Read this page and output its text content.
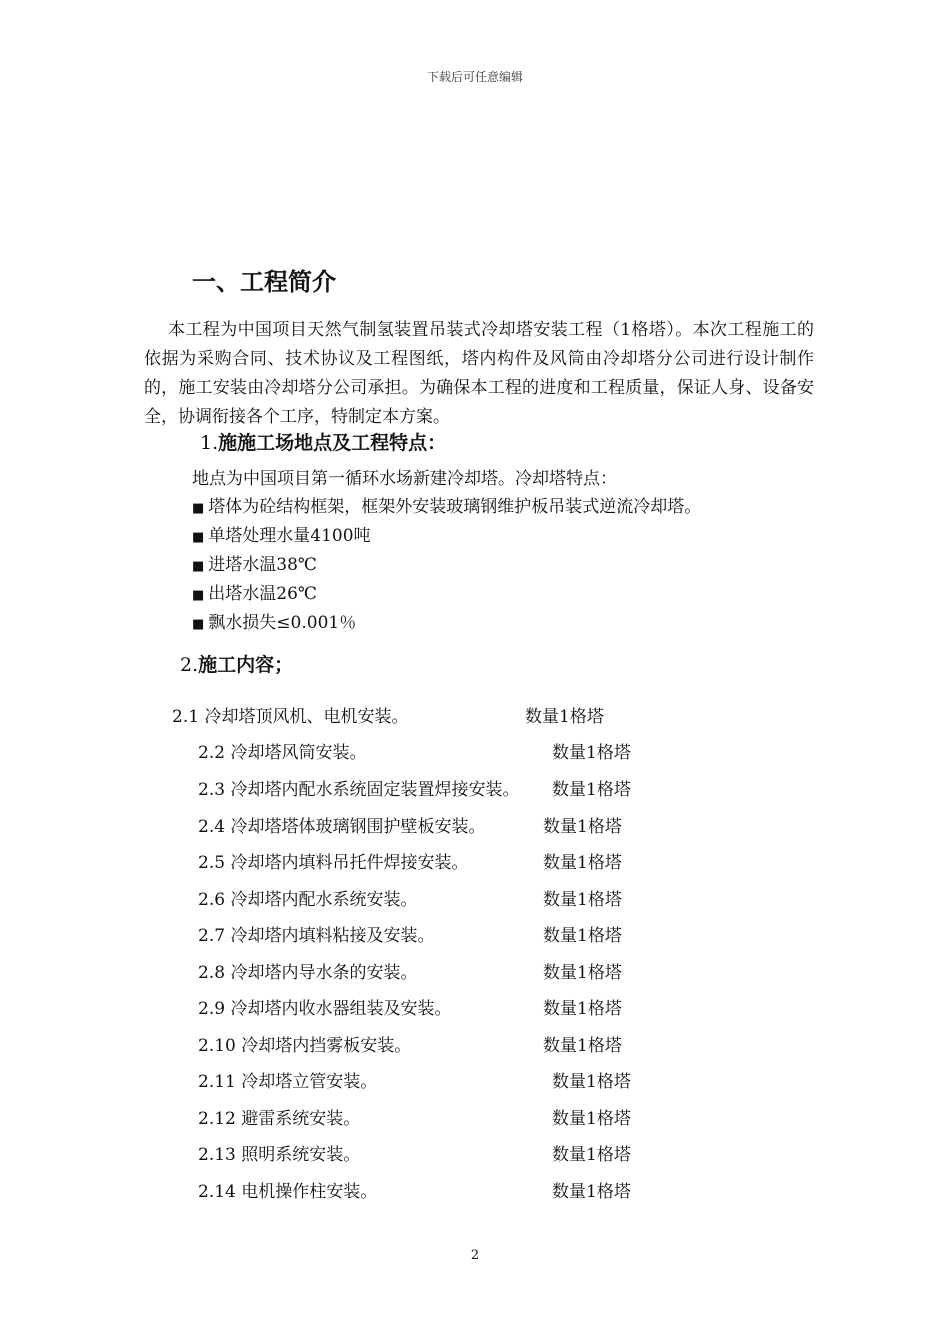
下载后可任意编辑
一、工程简介
本工程为中国项目天然气制氢装置吊装式冷却塔安装工程（1格塔）。本次工程施工的依据为采购合同、技术协议及工程图纸，塔内构件及风筒由冷却塔分公司进行设计制作的，施工安装由冷却塔分公司承担。为确保本工程的进度和工程质量，保证人身、设备安全，协调衔接各个工序，特制定本方案。
1.施施工场地点及工程特点：
地点为中国项目第一循环水场新建冷却塔。冷却塔特点：
■ 塔体为砼结构框架，框架外安装玻璃钢维护板吊装式逆流冷却塔。
■ 单塔处理水量4100吨
■ 进塔水温38℃
■ 出塔水温26℃
■ 飘水损失≤0.001％
2.施工内容；
2.1 冷却塔顶风机、电机安装。	数量1格塔
2.2 冷却塔风筒安装。	数量1格塔
2.3 冷却塔内配水系统固定装置焊接安装。 数量1格塔
2.4 冷却塔塔体玻璃钢围护壁板安装。	数量1格塔
2.5 冷却塔内填料吊托件焊接安装。	数量1格塔
2.6 冷却塔内配水系统安装。	数量1格塔
2.7 冷却塔内填料粘接及安装。	数量1格塔
2.8 冷却塔内导水条的安装。	数量1格塔
2.9 冷却塔内收水器组装及安装。	数量1格塔
2.10 冷却塔内挡雾板安装。	数量1格塔
2.11 冷却塔立管安装。	数量1格塔
2.12 避雷系统安装。	数量1格塔
2.13 照明系统安装。	数量1格塔
2.14 电机操作柱安装。	数量1格塔
2
